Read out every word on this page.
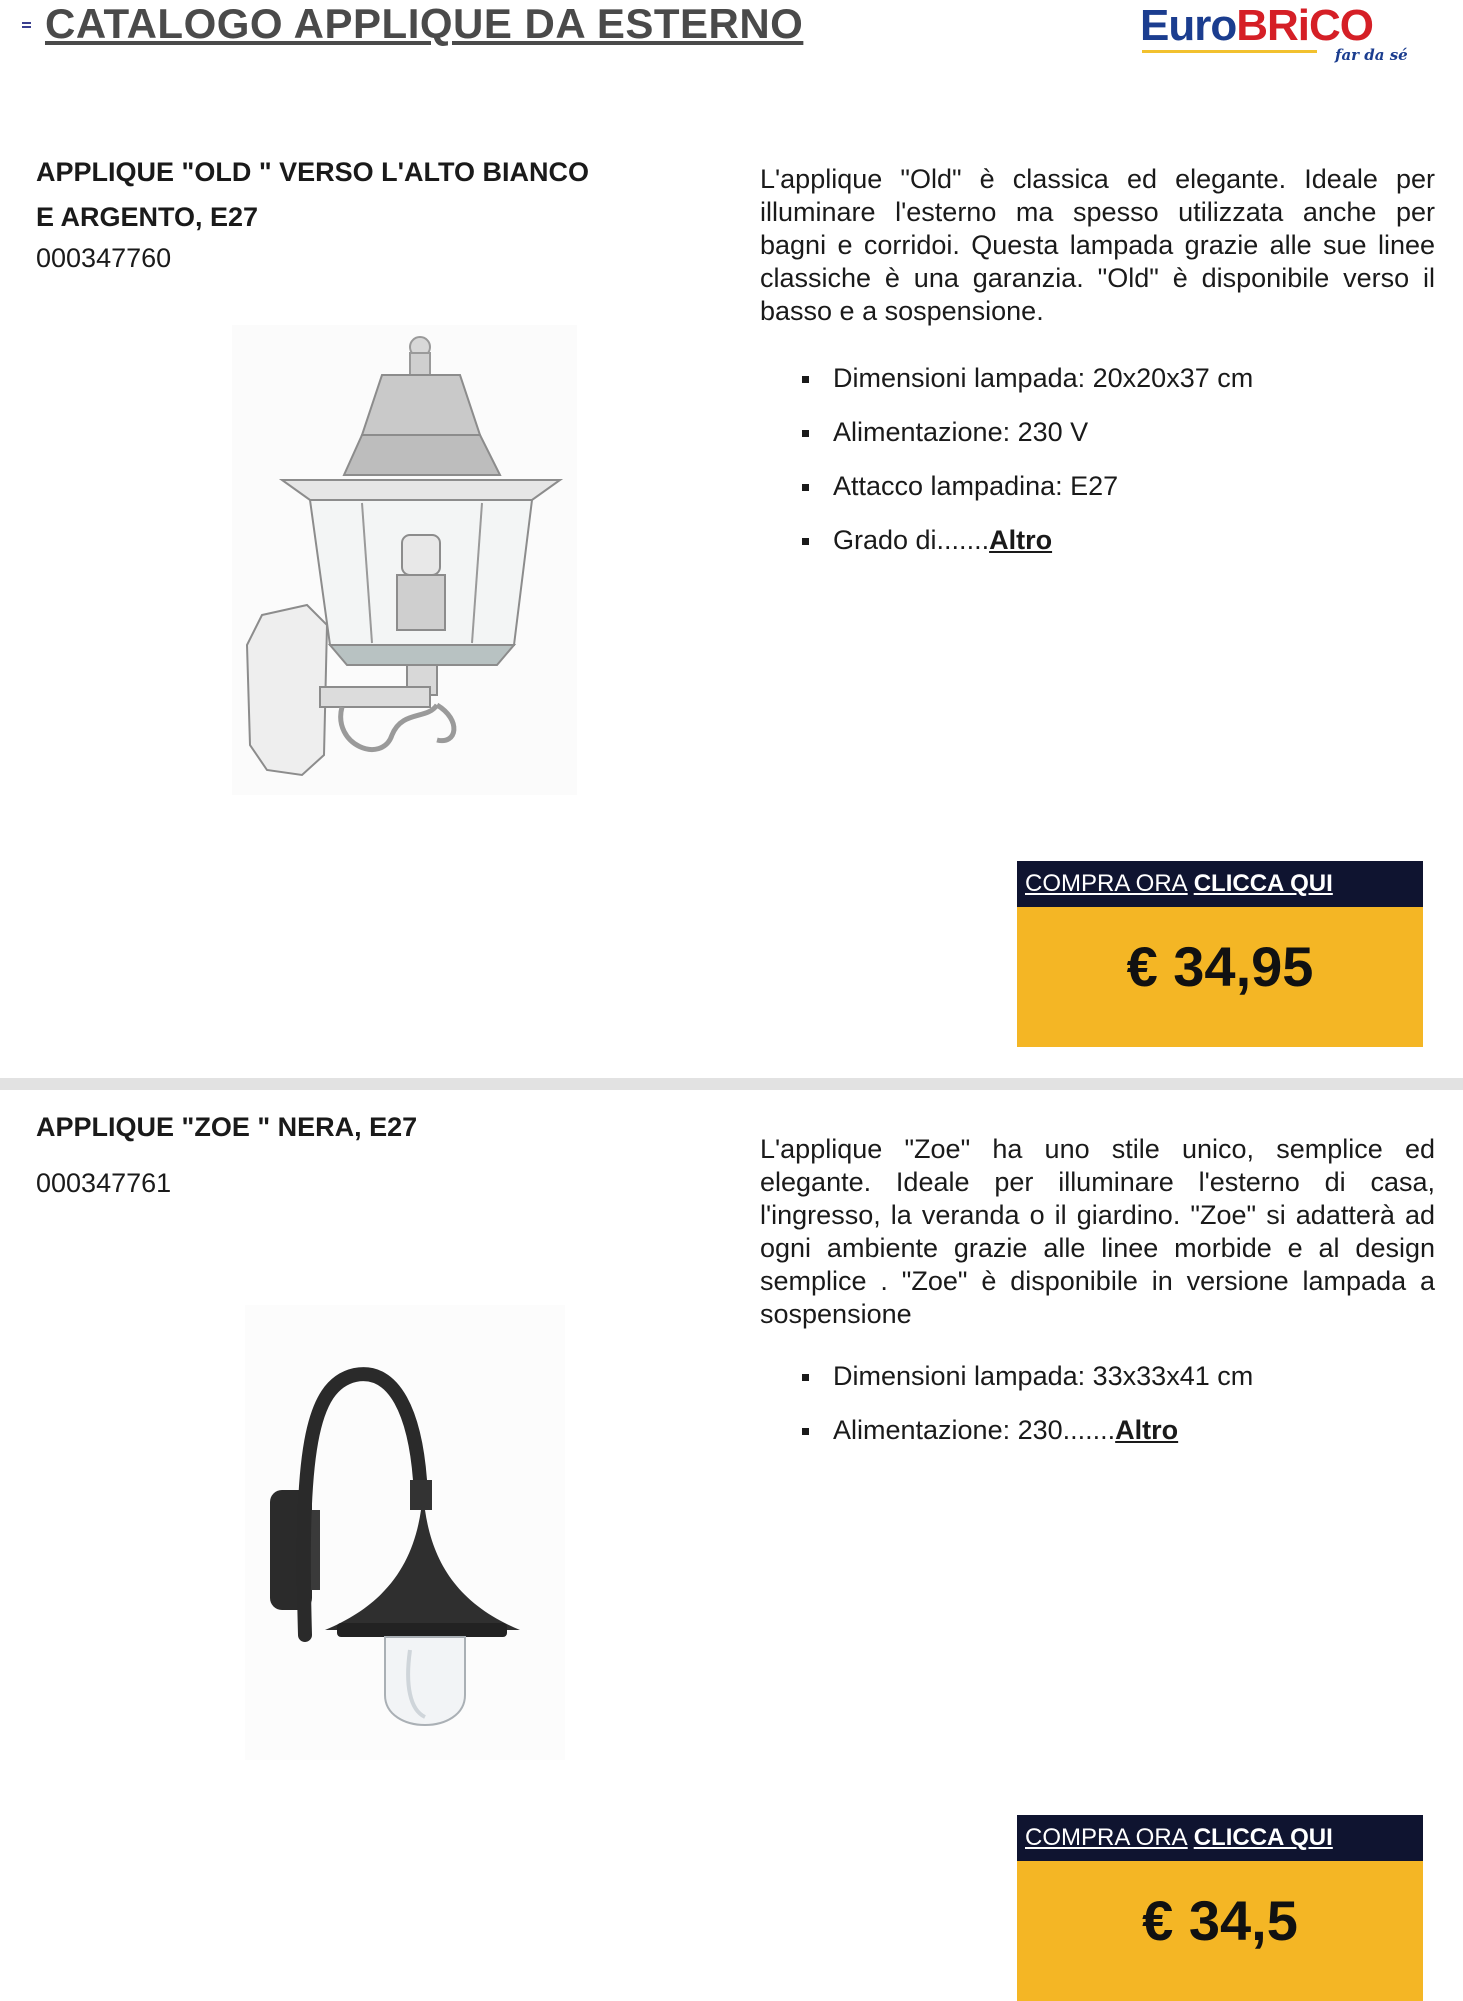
CATALOGO APPLIQUE DA ESTERNO	EuroBRiCO
far da sé
APPLIQUE "OLD " VERSO L'ALTO BIANCO E ARGENTO, E27
000347760

L'applique "Old" è classica ed elegante. Ideale per illuminare l'esterno ma spesso utilizzata anche per bagni e corridoi. Questa lampada grazie alle sue linee classiche è una garanzia. "Old" è disponibile verso il basso e a sospensione.

Dimensioni lampada: 20x20x37 cm
Alimentazione: 230 V
Attacco lampadina: E27
Grado di.......Altro
COMPRA ORA CLICCA QUI
€ 34,95
APPLIQUE "ZOE " NERA, E27
000347761

L'applique "Zoe" ha uno stile unico, semplice ed elegante. Ideale per illuminare l'esterno di casa, l'ingresso, la veranda o il giardino. "Zoe" si adatterà ad ogni ambiente grazie alle linee morbide e al design semplice . "Zoe" è disponibile in versione lampada a sospensione

Dimensioni lampada: 33x33x41 cm
Alimentazione: 230.......Altro
COMPRA ORA CLICCA QUI
€ 34,5
